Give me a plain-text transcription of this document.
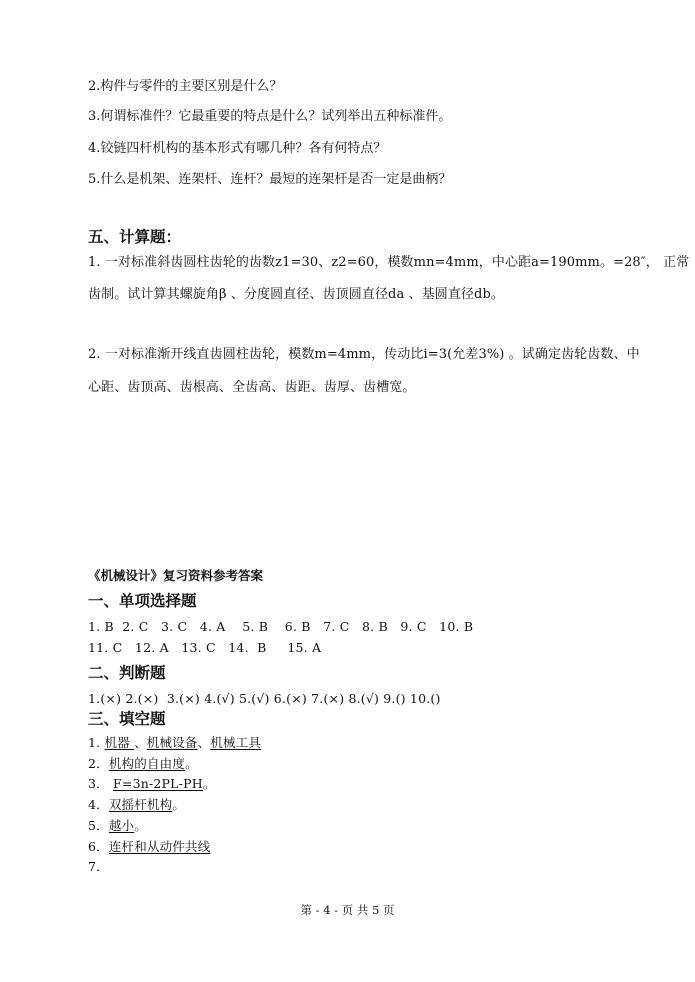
2.构件与零件的主要区别是什么？
3.何谓标准件？它最重要的特点是什么？试列举出五种标准件。
4.铰链四杆机构的基本形式有哪几种？各有何特点？
5.什么是机架、连架杆、连杆？最短的连架杆是否一定是曲柄？
五、计算题：
1. 一对标准斜齿圆柱齿轮的齿数z1=30、z2=60，模数mn=4mm，中心距a=190mm。=28″， 正常
齿制。试计算其螺旋角β 、分度圆直径、齿顶圆直径da 、基圆直径db。
2. 一对标准渐开线直齿圆柱齿轮，模数m=4mm，传动比i=3(允差3%) 。试确定齿轮齿数、中
心距、齿顶高、齿根高、全齿高、齿距、齿厚、齿槽宽。
《机械设计》复习资料参考答案
一、单项选择题
1. B  2. C   3. C   4. A    5. B    6. B   7. C   8. B   9. C   10. B
11. C   12. A   13. C   14.  B     15. A
二、判断题
1.(×) 2.(×)  3.(×) 4.(√) 5.(√) 6.(×) 7.(×) 8.(√) 9.() 10.()
三、填空题
1. 机器 、机械设备、机械工具
2．机构的自由度。
3． F=3n-2PL-PH。
4．双摇杆机构。
5．越小。
6．连杆和从动件共线
7．
第 - 4 - 页 共 5 页
